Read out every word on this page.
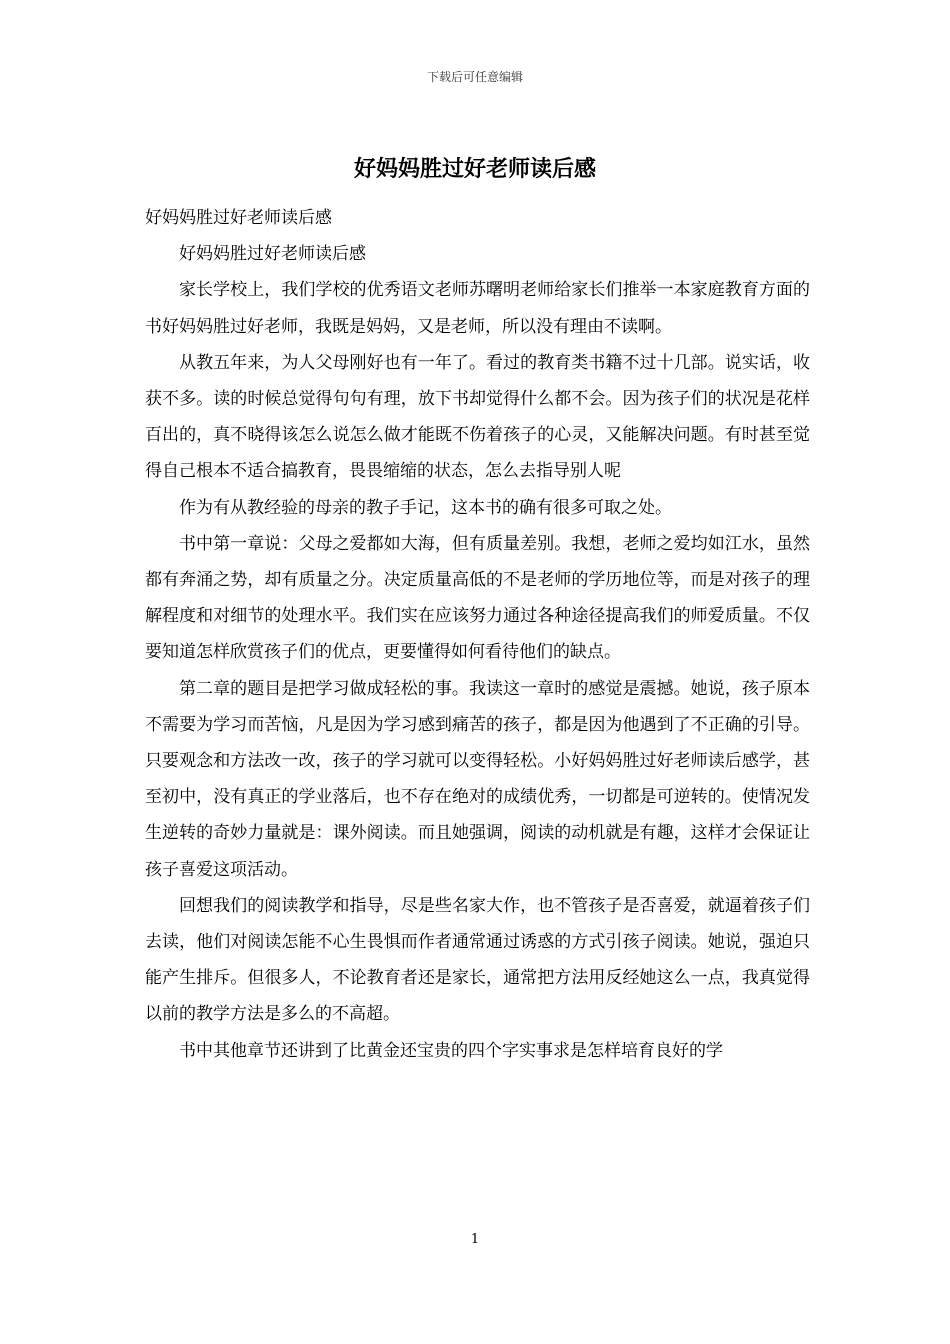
下载后可任意编辑
好妈妈胜过好老师读后感

好妈妈胜过好老师读后感

好妈妈胜过好老师读后感

家长学校上，我们学校的优秀语文老师苏曙明老师给家长们推举一本家庭教育方面的书好妈妈胜过好老师，我既是妈妈，又是老师，所以没有理由不读啊。

从教五年来，为人父母刚好也有一年了。看过的教育类书籍不过十几部。说实话，收获不多。读的时候总觉得句句有理，放下书却觉得什么都不会。因为孩子们的状况是花样百出的，真不晓得该怎么说怎么做才能既不伤着孩子的心灵，又能解决问题。有时甚至觉得自己根本不适合搞教育，畏畏缩缩的状态，怎么去指导别人呢

作为有从教经验的母亲的教子手记，这本书的确有很多可取之处。

书中第一章说：父母之爱都如大海，但有质量差别。我想，老师之爱均如江水，虽然都有奔涌之势，却有质量之分。决定质量高低的不是老师的学历地位等，而是对孩子的理解程度和对细节的处理水平。我们实在应该努力通过各种途径提高我们的师爱质量。不仅要知道怎样欣赏孩子们的优点，更要懂得如何看待他们的缺点。

第二章的题目是把学习做成轻松的事。我读这一章时的感觉是震撼。她说，孩子原本不需要为学习而苦恼，凡是因为学习感到痛苦的孩子，都是因为他遇到了不正确的引导。只要观念和方法改一改，孩子的学习就可以变得轻松。小好妈妈胜过好老师读后感学，甚至初中，没有真正的学业落后，也不存在绝对的成绩优秀，一切都是可逆转的。使情况发生逆转的奇妙力量就是：课外阅读。而且她强调，阅读的动机就是有趣，这样才会保证让孩子喜爱这项活动。

回想我们的阅读教学和指导，尽是些名家大作，也不管孩子是否喜爱，就逼着孩子们去读，他们对阅读怎能不心生畏惧而作者通常通过诱惑的方式引孩子阅读。她说，强迫只能产生排斥。但很多人，不论教育者还是家长，通常把方法用反经她这么一点，我真觉得以前的教学方法是多么的不高超。

书中其他章节还讲到了比黄金还宝贵的四个字实事求是怎样培育良好的学

1
